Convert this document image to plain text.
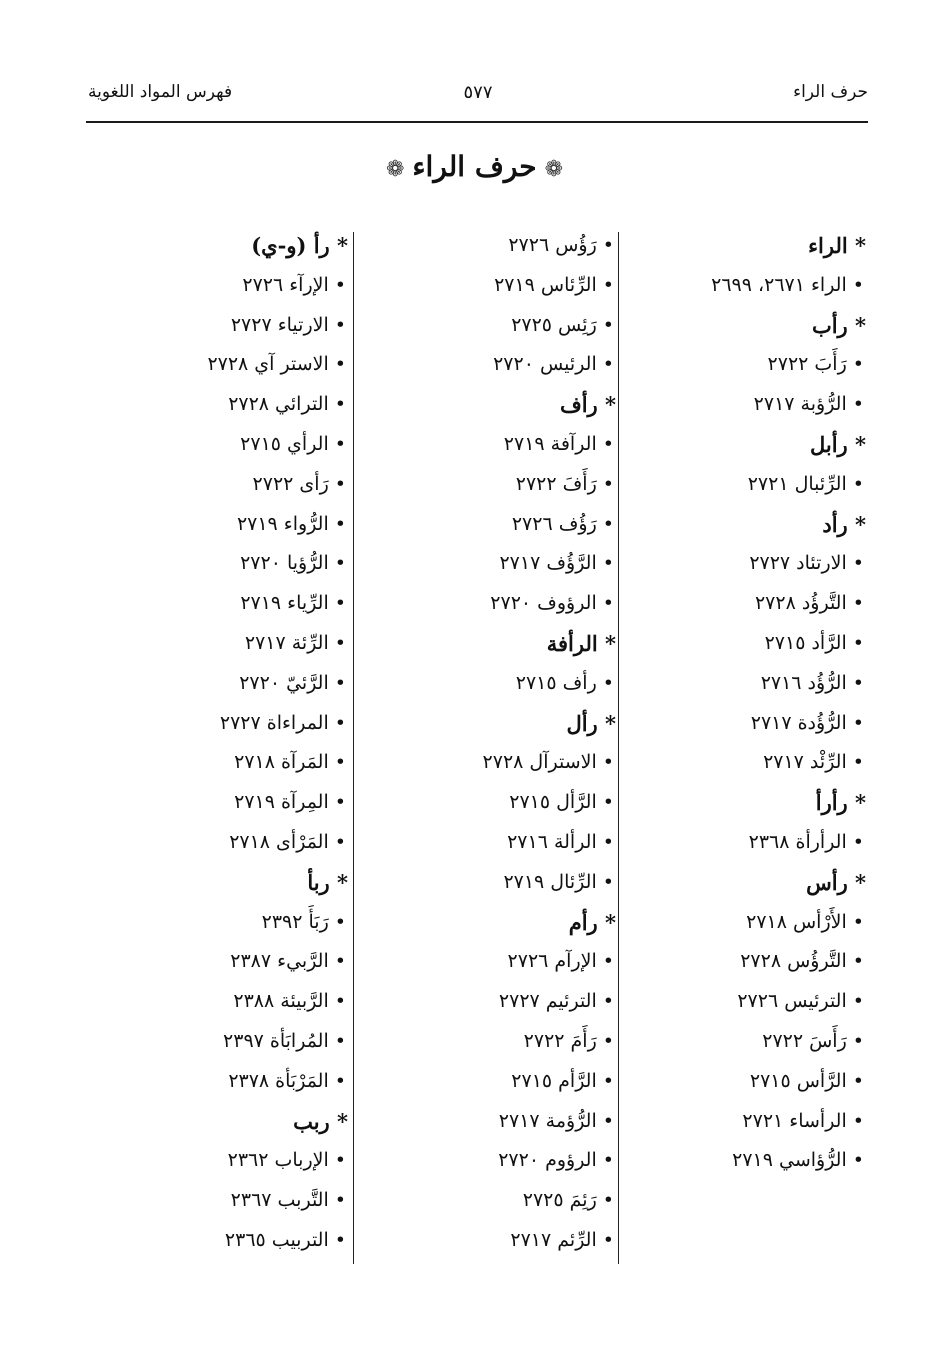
حرف الراء
٥٧٧
فهرس المواد اللغوية
❁حرف الراء❁
* الراء
• الراء ٢٦٧١، ٢٦٩٩
* رأب
• رَأَبَ ٢٧٢٢
• الرُّؤبة ٢٧١٧
* رأبل
• الرِّئبال ٢٧٢١
* رأد
• الارتئاد ٢٧٢٧
• التَّرؤُد ٢٧٢٨
• الرَّأد ٢٧١٥
• الرُّؤُد ٢٧١٦
• الرُّؤُدة ٢٧١٧
• الرِّئْد ٢٧١٧
* رأرأ
• الرأرأة ٢٣٦٨
* رأس
• الأَرْأس ٢٧١٨
• التَّرؤُس ٢٧٢٨
• الترئيس ٢٧٢٦
• رَأَسَ ٢٧٢٢
• الرَّأس ٢٧١٥
• الرأساء ٢٧٢١
• الرُّؤاسي ٢٧١٩
• رَؤُس ٢٧٢٦
• الرِّئاس ٢٧١٩
• رَئِس ٢٧٢٥
• الرئيس ٢٧٢٠
* رأف
• الرآفة ٢٧١٩
• رَأَفَ ٢٧٢٢
• رَؤُف ٢٧٢٦
• الرَّؤُف ٢٧١٧
• الرؤوف ٢٧٢٠
* الرأفة
• رأف ٢٧١٥
* رأل
• الاسترآل ٢٧٢٨
• الرَّأل ٢٧١٥
• الرألة ٢٧١٦
• الرِّئال ٢٧١٩
* رأم
• الإرآم ٢٧٢٦
• الترئيم ٢٧٢٧
• رَأَمَ ٢٧٢٢
• الرَّأم ٢٧١٥
• الرُّؤمة ٢٧١٧
• الرؤوم ٢٧٢٠
• رَئِمَ ٢٧٢٥
• الرِّئم ٢٧١٧
* رأ (و-ي)
• الإرآء ٢٧٢٦
• الارتياء ٢٧٢٧
• الاستر آي ٢٧٢٨
• الترائي ٢٧٢٨
• الرأي ٢٧١٥
• رَأى ٢٧٢٢
• الرُّواء ٢٧١٩
• الرُّؤيا ٢٧٢٠
• الرِّياء ٢٧١٩
• الرِّئة ٢٧١٧
• الرَّئيّ ٢٧٢٠
• المراءاة ٢٧٢٧
• المَرآة ٢٧١٨
• المِرآة ٢٧١٩
• المَرْأى ٢٧١٨
* ربأ
• رَبَأَ ٢٣٩٢
• الرَّبيء ٢٣٨٧
• الرَّبيئة ٢٣٨٨
• المُرابَأة ٢٣٩٧
• المَرْبَأة ٢٣٧٨
* ربب
• الإرباب ٢٣٦٢
• التَّربب ٢٣٦٧
• التربيب ٢٣٦٥
